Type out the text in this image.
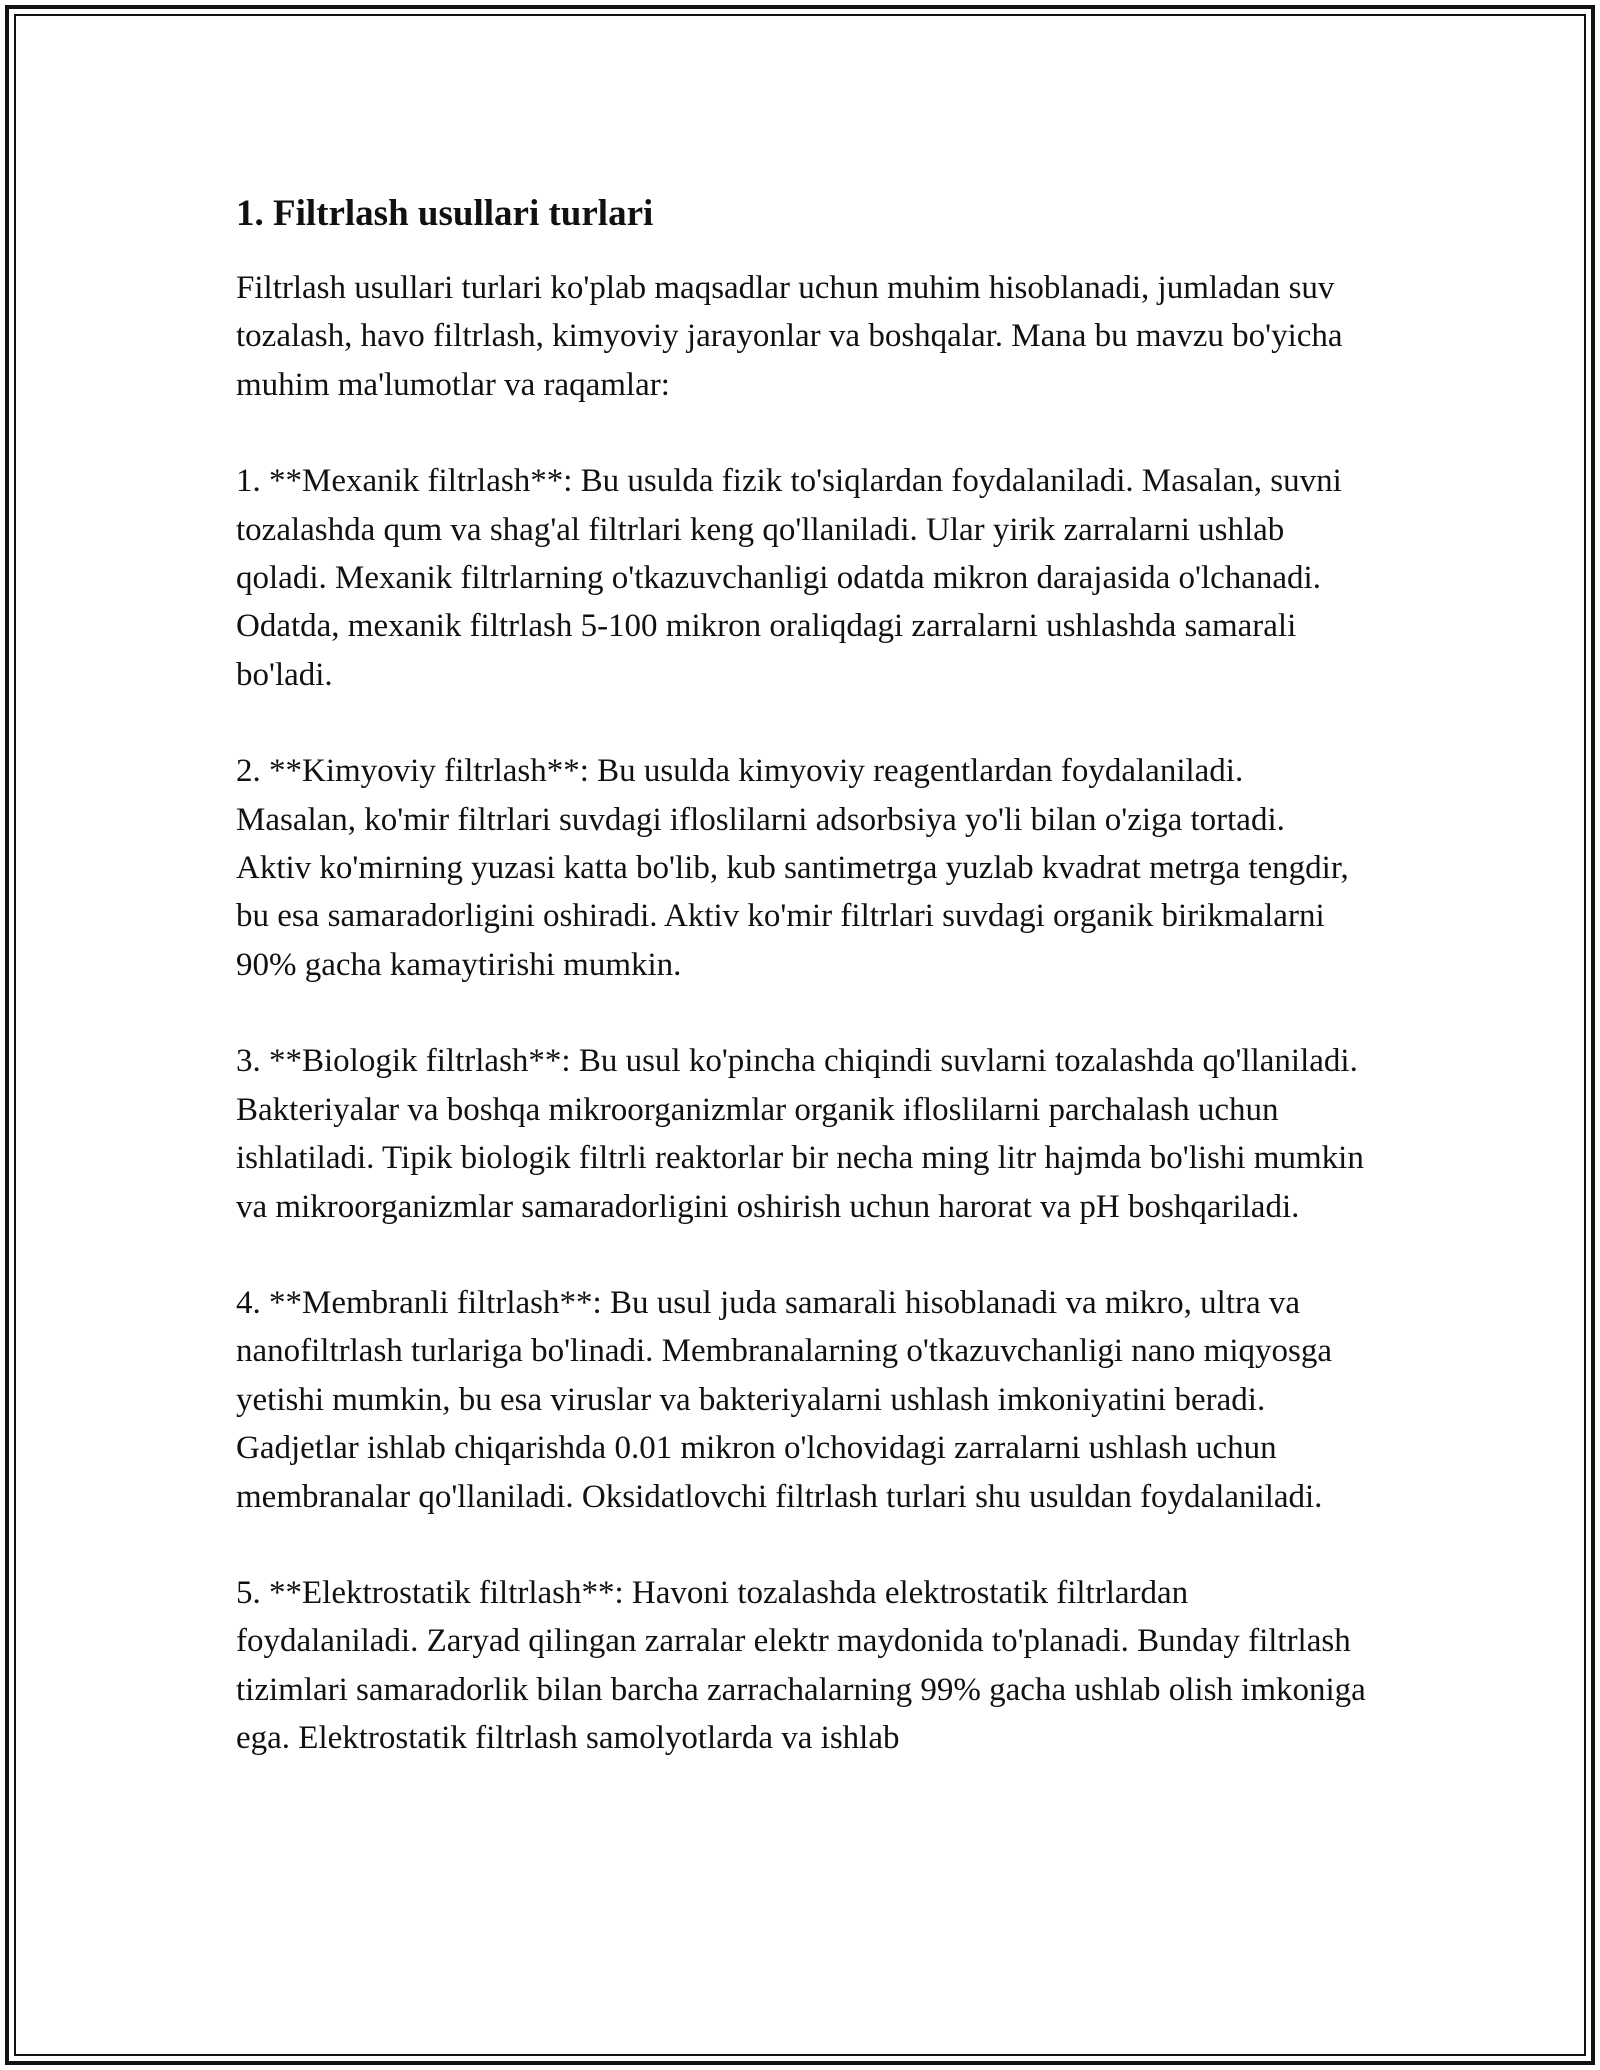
1. Filtrlash usullari turlari

Filtrlash usullari turlari ko'plab maqsadlar uchun muhim hisoblanadi, jumladan suv tozalash, havo filtrlash, kimyoviy jarayonlar va boshqalar. Mana bu mavzu bo'yicha muhim ma'lumotlar va raqamlar:

1. **Mexanik filtrlash**: Bu usulda fizik to'siqlardan foydalaniladi. Masalan, suvni tozalashda qum va shag'al filtrlari keng qo'llaniladi. Ular yirik zarralarni ushlab qoladi. Mexanik filtrlarning o'tkazuvchanligi odatda mikron darajasida o'lchanadi. Odatda, mexanik filtrlash 5-100 mikron oraliqdagi zarralarni ushlashda samarali bo'ladi.

2. **Kimyoviy filtrlash**: Bu usulda kimyoviy reagentlardan foydalaniladi. Masalan, ko'mir filtrlari suvdagi ifloslilarni adsorbsiya yo'li bilan o'ziga tortadi. Aktiv ko'mirning yuzasi katta bo'lib, kub santimetrga yuzlab kvadrat metrga tengdir, bu esa samaradorligini oshiradi. Aktiv ko'mir filtrlari suvdagi organik birikmalarni 90% gacha kamaytirishi mumkin.

3. **Biologik filtrlash**: Bu usul ko'pincha chiqindi suvlarni tozalashda qo'llaniladi. Bakteriyalar va boshqa mikroorganizmlar organik ifloslilarni parchalash uchun ishlatiladi. Tipik biologik filtrli reaktorlar bir necha ming litr hajmda bo'lishi mumkin va mikroorganizmlar samaradorligini oshirish uchun harorat va pH boshqariladi.

4. **Membranli filtrlash**: Bu usul juda samarali hisoblanadi va mikro, ultra va nanofiltrlash turlariga bo'linadi. Membranalarning o'tkazuvchanligi nano miqyosga yetishi mumkin, bu esa viruslar va bakteriyalarni ushlash imkoniyatini beradi. Gadjetlar ishlab chiqarishda 0.01 mikron o'lchovidagi zarralarni ushlash uchun membranalar qo'llaniladi. Oksidatlovchi filtrlash turlari shu usuldan foydalaniladi.

5. **Elektrostatik filtrlash**: Havoni tozalashda elektrostatik filtrlardan foydalaniladi. Zaryad qilingan zarralar elektr maydonida to'planadi. Bunday filtrlash tizimlari samaradorlik bilan barcha zarrachalarning 99% gacha ushlab olish imkoniga ega. Elektrostatik filtrlash samolyotlarda va ishlab
